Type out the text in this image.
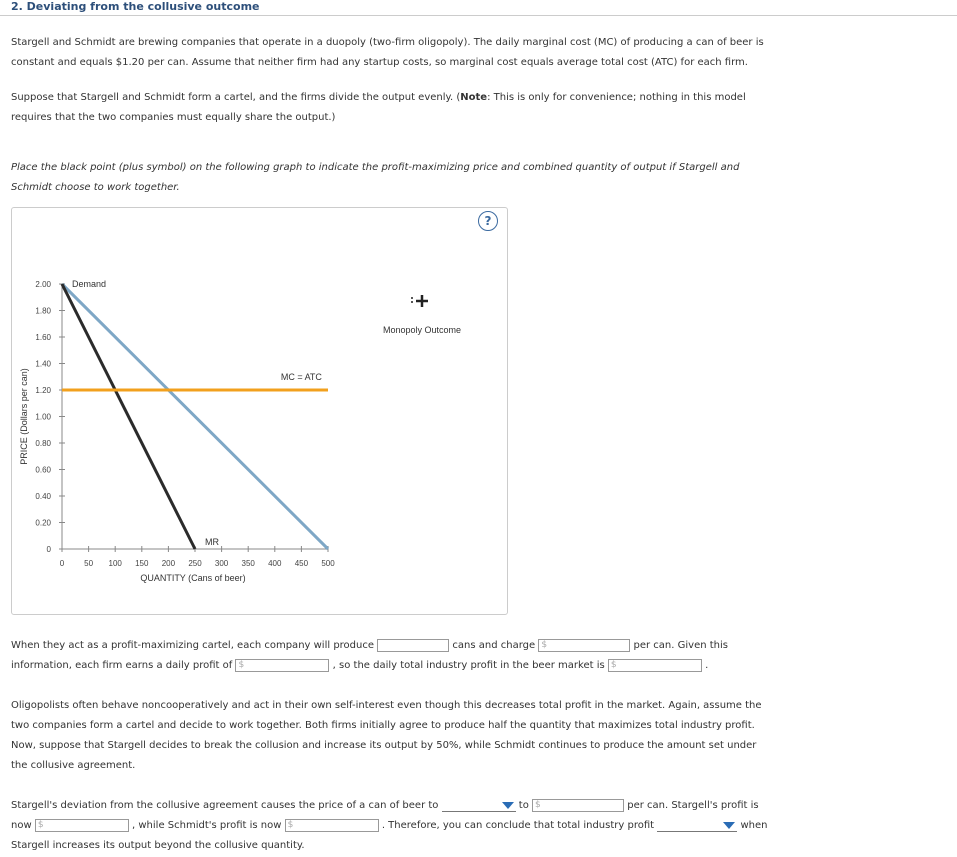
2. Deviating from the collusive outcome
Stargell and Schmidt are brewing companies that operate in a duopoly (two-firm oligopoly). The daily marginal cost (MC) of producing a can of beer is
constant and equals $1.20 per can. Assume that neither firm had any startup costs, so marginal cost equals average total cost (ATC) for each firm.
Suppose that Stargell and Schmidt form a cartel, and the firms divide the output evenly. (Note: This is only for convenience; nothing in this model
requires that the two companies must equally share the output.)
Place the black point (plus symbol) on the following graph to indicate the profit-maximizing price and combined quantity of output if Stargell and
Schmidt choose to work together.
?
0 50 100 150 200 250 300 350 400 450 500
0
0.20
0.40
0.60
0.80
1.00
1.20
1.40
1.60
1.80
2.00 Demand
MR
MC = ATC
QUANTITY (Cans of beer)
PRICE (Dollars per can)
Monopoly Outcome
When they act as a profit-maximizing cartel, each company will produce	cans and charge $	per can. Given this
information, each firm earns a daily profit of $	, so the daily total industry profit in the beer market is $	.
Oligopolists often behave noncooperatively and act in their own self-interest even though this decreases total profit in the market. Again, assume the
two companies form a cartel and decide to work together. Both firms initially agree to produce half the quantity that maximizes total industry profit.
Now, suppose that Stargell decides to break the collusion and increase its output by 50%, while Schmidt continues to produce the amount set under
the collusive agreement.
Stargell's deviation from the collusive agreement causes the price of a can of beer to	to $	per can. Stargell's profit is
now $	, while Schmidt's profit is now $	. Therefore, you can conclude that total industry profit	when
Stargell increases its output beyond the collusive quantity.
